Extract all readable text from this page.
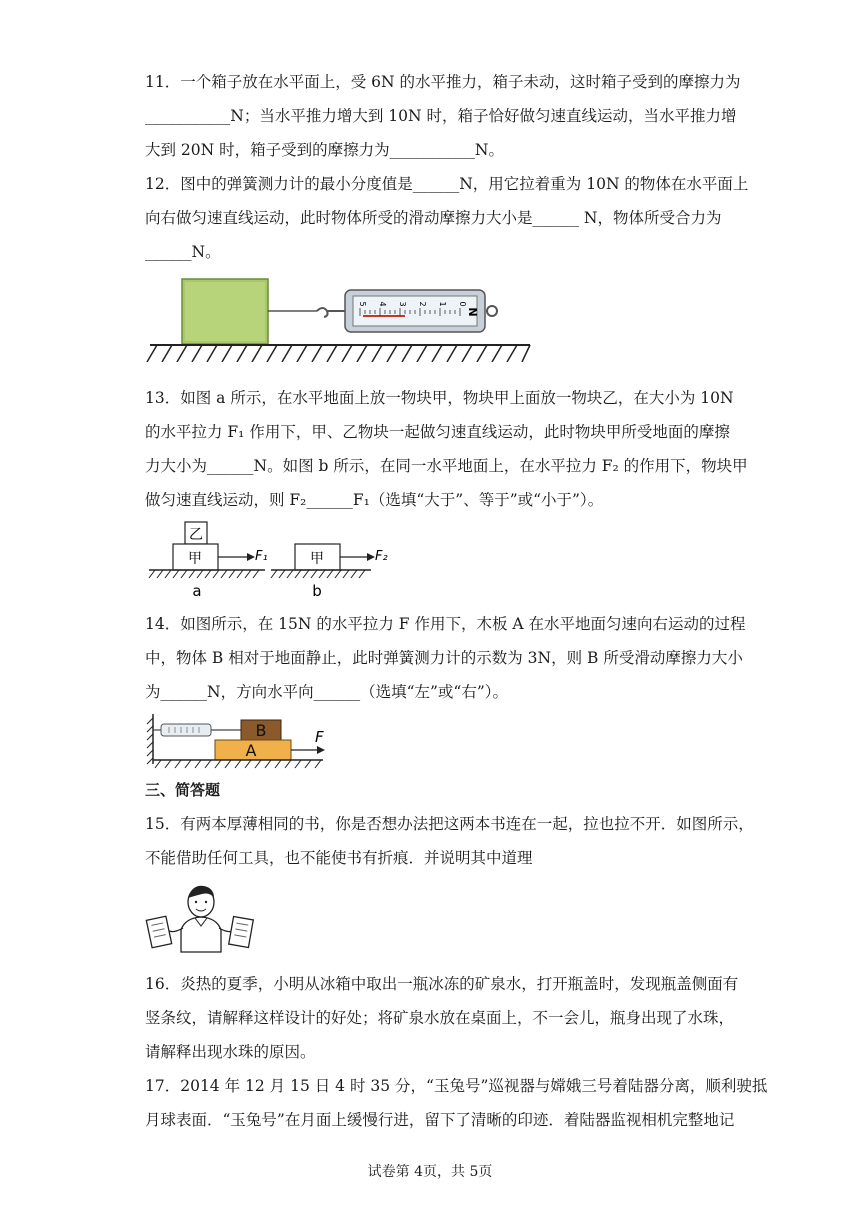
11．一个箱子放在水平面上，受 6N 的水平推力，箱子未动，这时箱子受到的摩擦力为
___________N；当水平推力增大到 10N 时，箱子恰好做匀速直线运动，当水平推力增
大到 20N 时，箱子受到的摩擦力为___________N。
12．图中的弹簧测力计的最小分度值是______N，用它拉着重为 10N 的物体在水平面上
向右做匀速直线运动，此时物体所受的滑动摩擦力大小是______ N，物体所受合力为
______N。
5 4 3 2 1 0
N
13．如图 a 所示，在水平地面上放一物块甲，物块甲上面放一物块乙，在大小为 10N
的水平拉力 F₁ 作用下，甲、乙物块一起做匀速直线运动，此时物块甲所受地面的摩擦
力大小为______N。如图 b 所示，在同一水平地面上，在水平拉力 F₂ 的作用下，物块甲
做匀速直线运动，则 F₂______F₁（选填“大于”、等于”或“小于”）。
乙
甲	F₁
a
甲	F₂
b
14．如图所示，在 15N 的水平拉力 F 作用下，木板 A 在水平地面匀速向右运动的过程
中，物体 B 相对于地面静止，此时弹簧测力计的示数为 3N，则 B 所受滑动摩擦力大小
为______N，方向水平向______（选填“左”或“右”）。
B
A
F
三、简答题
15．有两本厚薄相同的书，你是否想办法把这两本书连在一起，拉也拉不开．如图所示，
不能借助任何工具，也不能使书有折痕．并说明其中道理
16．炎热的夏季，小明从冰箱中取出一瓶冰冻的矿泉水，打开瓶盖时，发现瓶盖侧面有
竖条纹，请解释这样设计的好处；将矿泉水放在桌面上，不一会儿，瓶身出现了水珠，
请解释出现水珠的原因。
17．2014 年 12 月 15 日 4 时 35 分，“玉兔号”巡视器与嫦娥三号着陆器分离，顺利驶抵
月球表面．“玉兔号”在月面上缓慢行进，留下了清晰的印迹．着陆器监视相机完整地记
试卷第 4页，共 5页
